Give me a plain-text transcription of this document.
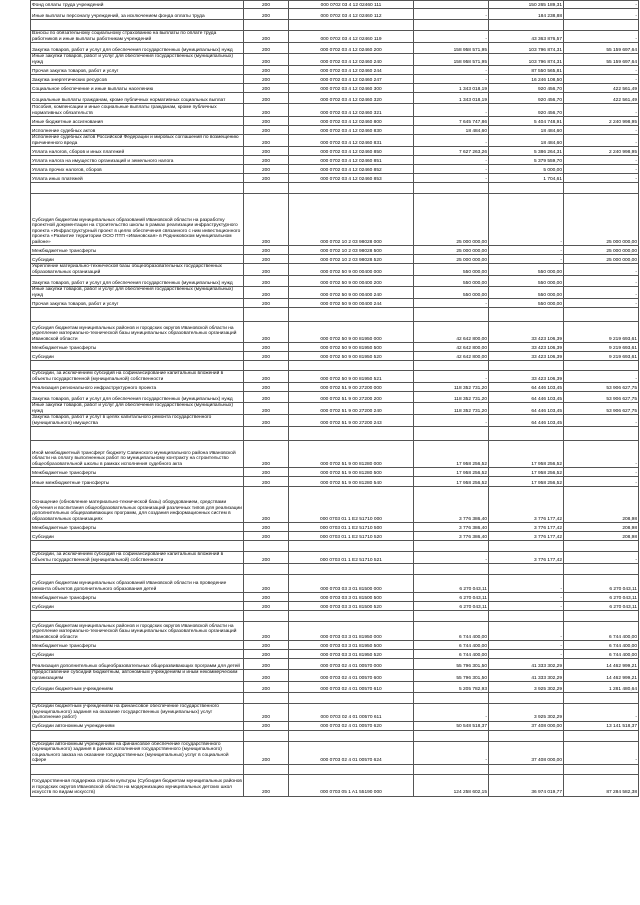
Фонд оплаты труда учреждений	200	000 0702 03 4 12 02460 111		150 265 189,31	-
Иные выплаты персоналу учреждений, за исключением фонда оплаты труда	200	000 0702 03 4 12 02460 112	-	184 238,88	-

Взносы по обязательному социальному страхованию на выплаты по оплате труда работников и иные выплаты работникам учреждений	200	000 0702 03 4 12 02460 119	-	43 363 876,57	-
Закупка товаров, работ и услуг для обеспечения государственных (муниципальных) нужд	200	000 0702 03 4 12 02460 200	158 958 571,95	103 796 874,31	55 159 697,64
Иные закупки товаров, работ и услуг для обеспечения государственных (муниципальных) нужд	200	000 0702 03 4 12 02460 240	158 958 571,95	103 796 874,31	55 159 697,64
Прочая закупка товаров, работ и услуг	200	000 0702 03 4 12 02460 244	-	87 550 565,81	-
Закупка энергетических ресурсов	200	000 0702 03 4 12 02460 247	-	16 246 108,50	-
Социальное обеспечение и иные выплаты населению	200	000 0702 03 4 12 02460 300	1 343 018,19	920 456,70	422 561,49
Социальные выплаты гражданам, кроме публичных нормативных социальных выплат	200	000 0702 03 4 12 02460 320	1 343 018,19	920 456,70	422 561,49
Пособия, компенсации и иные социальные выплаты гражданам, кроме публичных нормативных обязательств	200	000 0702 03 4 12 02460 321	-	920 456,70	-
Иные бюджетные ассигнования	200	000 0702 03 4 12 02460 800	7 645 747,86	5 404 748,91	2 240 998,95
Исполнение судебных актов	200	000 0702 03 4 12 02460 830	18 484,60	18 484,60	-
Исполнение судебных актов Российской Федерации и мировых соглашений по возмещению причиненного вреда	200	000 0702 03 4 12 02460 831	-	18 484,60	-
Уплата налогов, сборов и иных платежей	200	000 0702 03 4 12 02460 850	7 627 263,26	5 386 264,31	2 240 998,95
Уплата налога на имущество организаций и земельного налога	200	000 0702 03 4 12 02460 851	-	5 379 559,70	-
Уплата прочих налогов, сборов	200	000 0702 03 4 12 02460 852	-	5 000,00	-
Уплата иных платежей	200	000 0702 03 4 12 02460 853	-	1 704,61	-

Субсидия бюджетам муниципальных образований Ивановской области на разработку проектной документации на строительство школы в рамках реализации инфраструктурного проекта «Инфраструктурный проект в целях обеспечения связанного с ним инвестиционного проекта «Развитие территории ООО ПТП «Ивановская» в Родниковском муниципальном районе»	200	000 0702 10 2 03 98028 000	25 000 000,00	-	25 000 000,00
Межбюджетные трансферты	200	000 0702 10 2 03 98028 500	25 000 000,00	-	25 000 000,00
Субсидии	200	000 0702 10 2 03 98028 520	25 000 000,00	-	25 000 000,00
Укрепление материально-технической базы общеобразовательных государственных образовательных организаций	200	000 0702 50 9 00 00400 000	550 000,00	550 000,00	-
Закупка товаров, работ и услуг для обеспечения государственных (муниципальных) нужд	200	000 0702 50 9 00 00400 200	550 000,00	550 000,00	-
Иные закупки товаров, работ и услуг для обеспечения государственных (муниципальных) нужд	200	000 0702 50 9 00 00400 240	550 000,00	550 000,00	-
Прочая закупка товаров, работ и услуг	200	000 0702 50 9 00 00400 244	-	550 000,00	-

Субсидия бюджетам муниципальных районов и городских округов Ивановской области на укрепление материально-технической базы муниципальных образовательных организаций Ивановской области	200	000 0702 50 9 00 81950 000	42 642 800,00	33 423 106,39	9 219 693,61
Межбюджетные трансферты	200	000 0702 50 9 00 81950 500	42 642 800,00	33 423 106,39	9 219 693,61
Субсидии	200	000 0702 50 9 00 81950 520	42 642 800,00	33 423 106,39	9 219 693,61

Субсидии, за исключением субсидий на софинансирование капитальных вложений в объекты государственной (муниципальной) собственности	200	000 0702 50 9 00 81950 521	-	33 423 106,39	-
Реализация регионального инфраструктурного проекта	200	000 0702 51 9 00 27200 000	118 352 731,20	64 446 103,45	53 906 627,75
Закупка товаров, работ и услуг для обеспечения государственных (муниципальных) нужд	200	000 0702 51 9 00 27200 200	118 352 731,20	64 446 103,45	53 906 627,75
Иные закупки товаров, работ и услуг для обеспечения государственных (муниципальных) нужд	200	000 0702 51 9 00 27200 240	118 352 731,20	64 446 103,45	53 906 627,75
Закупка товаров, работ и услуг в целях капитального ремонта государственного (муниципального) имущества	200	000 0702 51 9 00 27200 243	-	64 446 103,45	-

Иной межбюджетный трансферт бюджету Савинского муниципального района Ивановской области на оплату выполненных работ по муниципальному контракту на строительство общеобразовательной школы в рамках исполнения судебного акта	200	000 0702 51 9 00 81280 000	17 958 256,52	17 958 256,52	-
Межбюджетные трансферты	200	000 0702 51 9 00 81280 500	17 958 256,52	17 958 256,52	-
Иные межбюджетные трансферты	200	000 0702 51 9 00 81280 540	17 958 256,52	17 958 256,52	-
Оснащение (обновление материально-технической базы) оборудованием, средствами обучения и воспитания общеобразовательных организаций различных типов для реализации дополнительных общеразвивающих программ, для создания информационных систем в образовательных организациях	200	000 0703 01 1 E2 51710 000	3 776 386,40	3 776 177,42	208,98
Межбюджетные трансферты	200	000 0703 01 1 E2 51710 500	3 776 386,40	3 776 177,42	208,98
Субсидии	200	000 0703 01 1 E2 51710 520	3 776 386,40	3 776 177,42	208,98

Субсидии, за исключением субсидий на софинансирование капитальных вложений в объекты государственной (муниципальной) собственности	200	000 0703 01 1 E2 51710 521	-	3 776 177,42	-

Субсидия бюджетам муниципальных образований Ивановской области на проведение ремонта объектов дополнительного образования детей	200	000 0703 03 3 01 81500 000	6 270 043,11	-	6 270 043,11
Межбюджетные трансферты	200	000 0703 03 3 01 81500 500	6 270 043,11	-	6 270 043,11
Субсидии	200	000 0703 03 3 01 81500 520	6 270 043,11	-	6 270 043,11

Субсидия бюджетам муниципальных районов и городских округов Ивановской области на укрепление материально-технической базы муниципальных образовательных организаций Ивановской области	200	000 0703 03 3 01 81950 000	6 744 400,00	-	6 744 400,00
Межбюджетные трансферты	200	000 0703 03 3 01 81950 500	6 744 400,00	-	6 744 400,00
Субсидии	200	000 0703 03 3 01 81950 520	6 744 400,00	-	6 744 400,00
Реализация дополнительных общеобразовательных общеразвивающих программ для детей	200	000 0703 02 4 01 00570 000	55 796 301,50	41 333 302,29	14 462 999,21
Предоставление субсидий бюджетным, автономным учреждениям и иным некоммерческим организациям	200	000 0703 02 4 01 00570 600	55 796 301,50	41 333 302,29	14 462 999,21
Субсидии бюджетным учреждениям	200	000 0703 02 4 01 00570 610	5 205 782,93	3 925 302,29	1 281 480,64

Субсидии бюджетным учреждениям на финансовое обеспечение государственного (муниципального) задания на оказание государственных (муниципальных) услуг (выполнение работ)	200	000 0703 02 4 01 00570 611	-	3 925 302,29	-
Субсидии автономным учреждениям	200	000 0703 02 4 01 00570 620	50 548 518,37	37 408 000,00	13 141 518,37

Субсидии автономным учреждениям на финансовое обеспечение государственного (муниципального) задания в рамках исполнения государственного (муниципального) социального заказа на оказание государственных (муниципальных) услуг в социальной сфере	200	000 0703 02 4 01 00570 624	-	37 408 000,00	-

Государственная поддержка отрасли культуры (Субсидия бюджетам муниципальных районов и городских округов Ивановской области на модернизацию муниципальных детских школ искусств по видам искусств)	200	000 0703 05 1 A1 55190 000	124 258 602,15	36 974 019,77	87 284 582,38
